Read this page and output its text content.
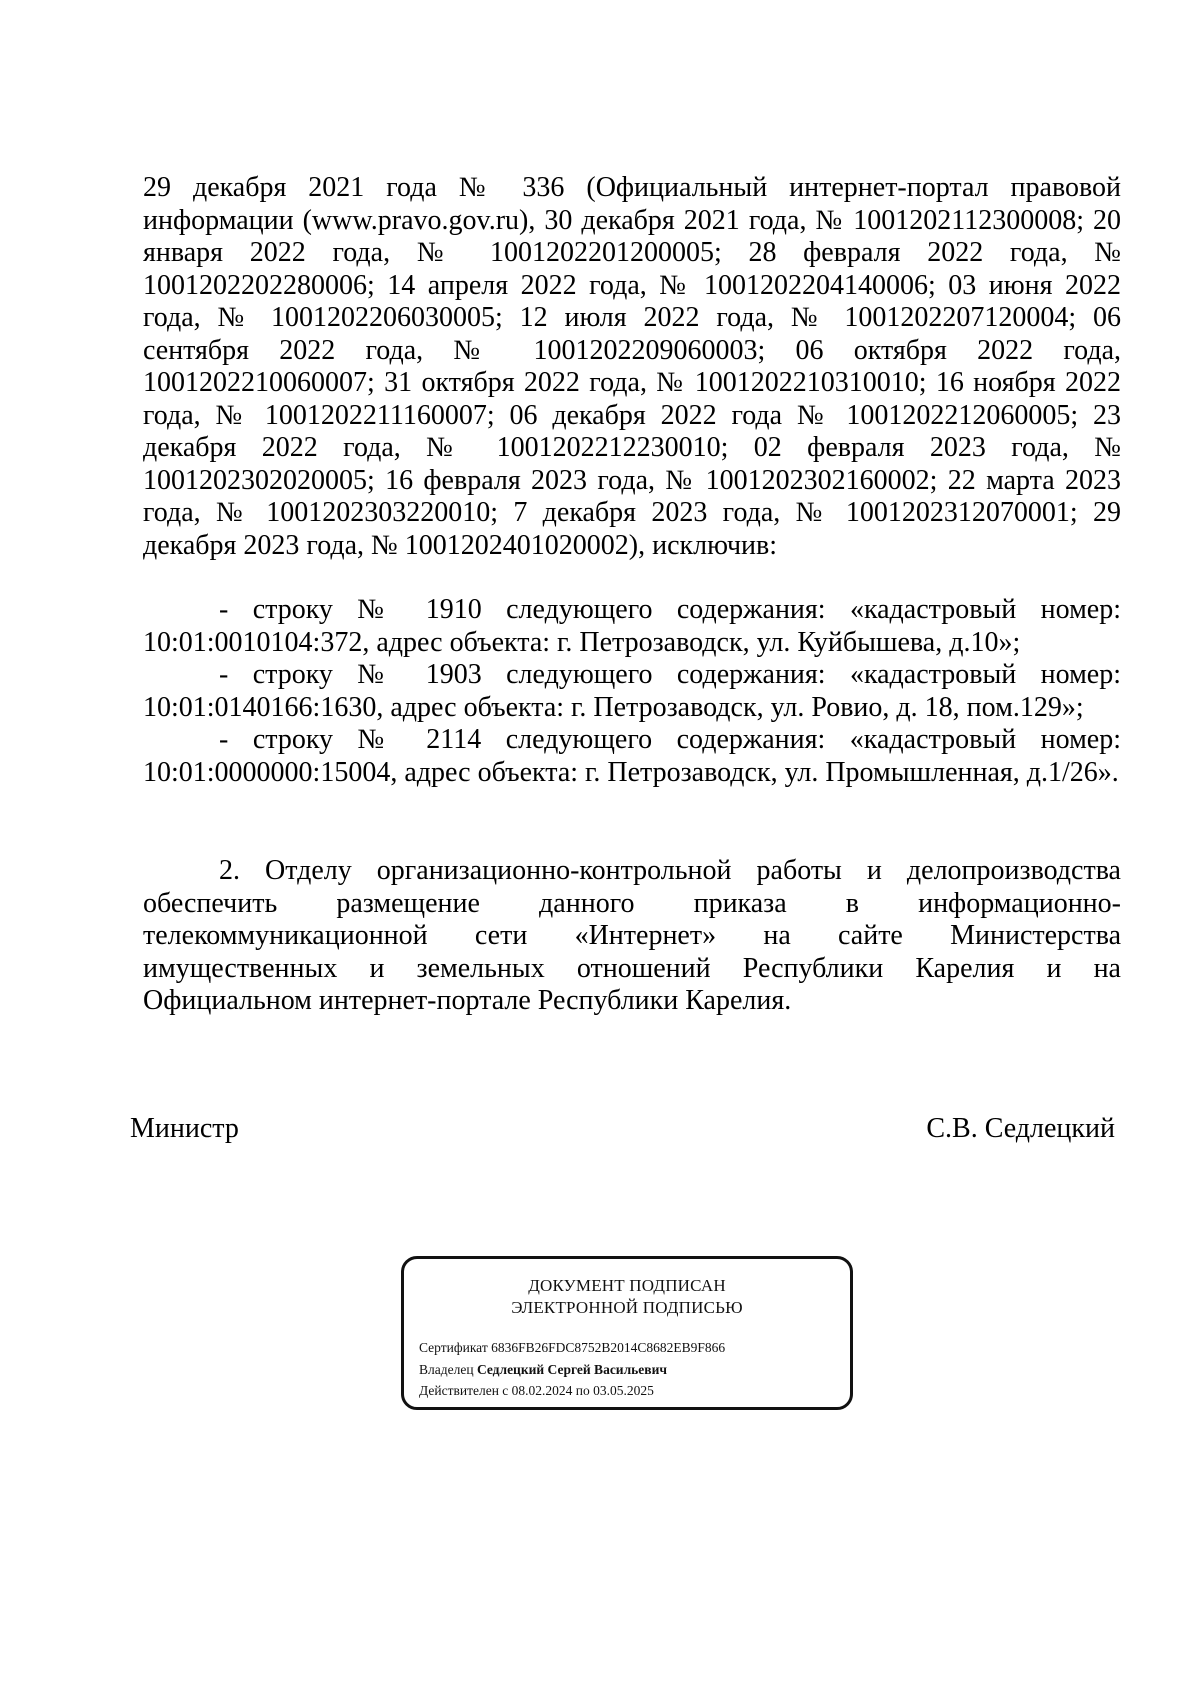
29 декабря 2021 года № 336 (Официальный интернет-портал правовой информации (www.pravo.gov.ru), 30 декабря 2021 года, № 1001202112300008; 20 января 2022 года, № 1001202201200005; 28 февраля 2022 года, № 1001202202280006; 14 апреля 2022 года, № 1001202204140006; 03 июня 2022 года, № 1001202206030005; 12 июля 2022 года, № 1001202207120004; 06 сентября 2022 года, № 1001202209060003; 06 октября 2022 года, 1001202210060007; 31 октября 2022 года, № 1001202210310010; 16 ноября 2022 года, № 1001202211160007; 06 декабря 2022 года № 1001202212060005; 23 декабря 2022 года, № 1001202212230010; 02 февраля 2023 года, № 1001202302020005; 16 февраля 2023 года, № 1001202302160002; 22 марта 2023 года, № 1001202303220010; 7 декабря 2023 года, № 1001202312070001; 29 декабря 2023 года, № 1001202401020002), исключив:
- строку № 1910 следующего содержания: «кадастровый номер: 10:01:0010104:372, адрес объекта: г. Петрозаводск, ул. Куйбышева, д.10»;
- строку № 1903 следующего содержания: «кадастровый номер: 10:01:0140166:1630, адрес объекта: г. Петрозаводск, ул. Ровио, д. 18, пом.129»;
- строку № 2114 следующего содержания: «кадастровый номер: 10:01:0000000:15004, адрес объекта: г. Петрозаводск, ул. Промышленная, д.1/26».
2. Отделу организационно-контрольной работы и делопроизводства обеспечить размещение данного приказа в информационно-телекоммуникационной сети «Интернет» на сайте Министерства имущественных и земельных отношений Республики Карелия и на Официальном интернет-портале Республики Карелия.
Министр	С.В. Седлецкий
ДОКУМЕНТ ПОДПИСАН
ЭЛЕКТРОННОЙ ПОДПИСЬЮ
Сертификат 6836FB26FDC8752B2014C8682EB9F866
Владелец Седлецкий Сергей Васильевич
Действителен с 08.02.2024 по 03.05.2025
